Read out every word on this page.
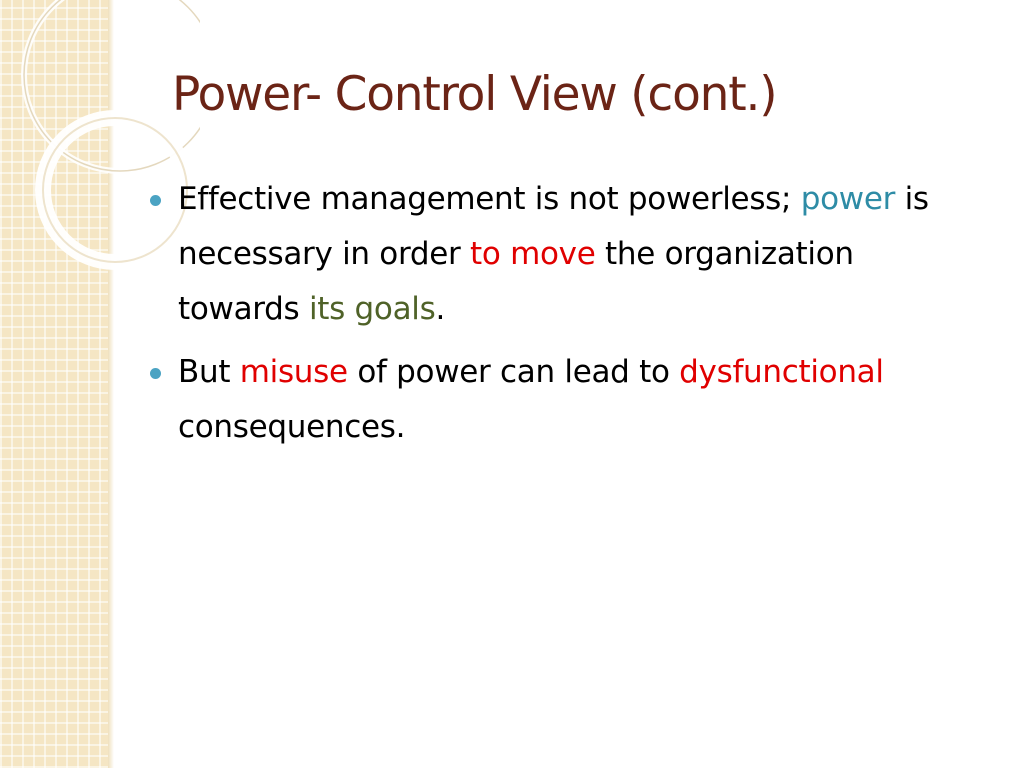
Power- Control View (cont.)
Effective management is not powerless; power is necessary in order to move the organization towards its goals.
But misuse of power can lead to dysfunctional consequences.
